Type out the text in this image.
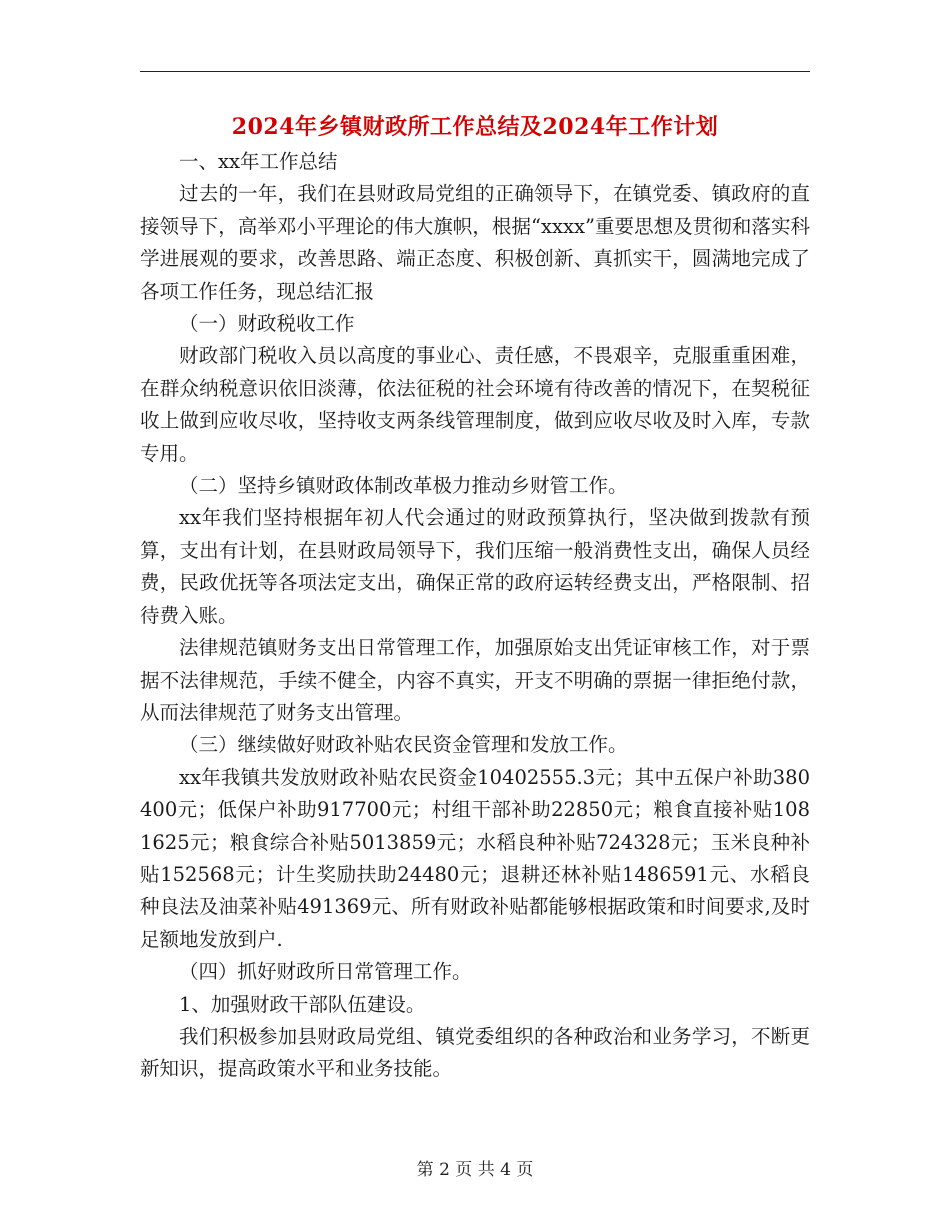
2024年乡镇财政所工作总结及2024年工作计划

一、xx年工作总结

过去的一年，我们在县财政局党组的正确领导下，在镇党委、镇政府的直接领导下，高举邓小平理论的伟大旗帜，根据“xxxx”重要思想及贯彻和落实科学进展观的要求，改善思路、端正态度、积极创新、真抓实干，圆满地完成了各项工作任务，现总结汇报

（一）财政税收工作

财政部门税收入员以高度的事业心、责任感，不畏艰辛，克服重重困难，在群众纳税意识依旧淡薄，依法征税的社会环境有待改善的情况下，在契税征收上做到应收尽收，坚持收支两条线管理制度，做到应收尽收及时入库，专款专用。

（二）坚持乡镇财政体制改革极力推动乡财管工作。

xx年我们坚持根据年初人代会通过的财政预算执行，坚决做到拨款有预算，支出有计划，在县财政局领导下，我们压缩一般消费性支出，确保人员经费，民政优抚等各项法定支出，确保正常的政府运转经费支出，严格限制、招待费入账。

法律规范镇财务支出日常管理工作，加强原始支出凭证审核工作，对于票据不法律规范，手续不健全，内容不真实，开支不明确的票据一律拒绝付款，从而法律规范了财务支出管理。

（三）继续做好财政补贴农民资金管理和发放工作。

xx年我镇共发放财政补贴农民资金10402555.3元；其中五保户补助380400元；低保户补助917700元；村组干部补助22850元；粮食直接补贴1081625元；粮食综合补贴5013859元；水稻良种补贴724328元；玉米良种补贴152568元；计生奖励扶助24480元；退耕还林补贴1486591元、水稻良种良法及油菜补贴491369元、所有财政补贴都能够根据政策和时间要求,及时足额地发放到户.

（四）抓好财政所日常管理工作。

1、加强财政干部队伍建设。

我们积极参加县财政局党组、镇党委组织的各种政治和业务学习，不断更新知识，提高政策水平和业务技能。

第 2 页 共 4 页
